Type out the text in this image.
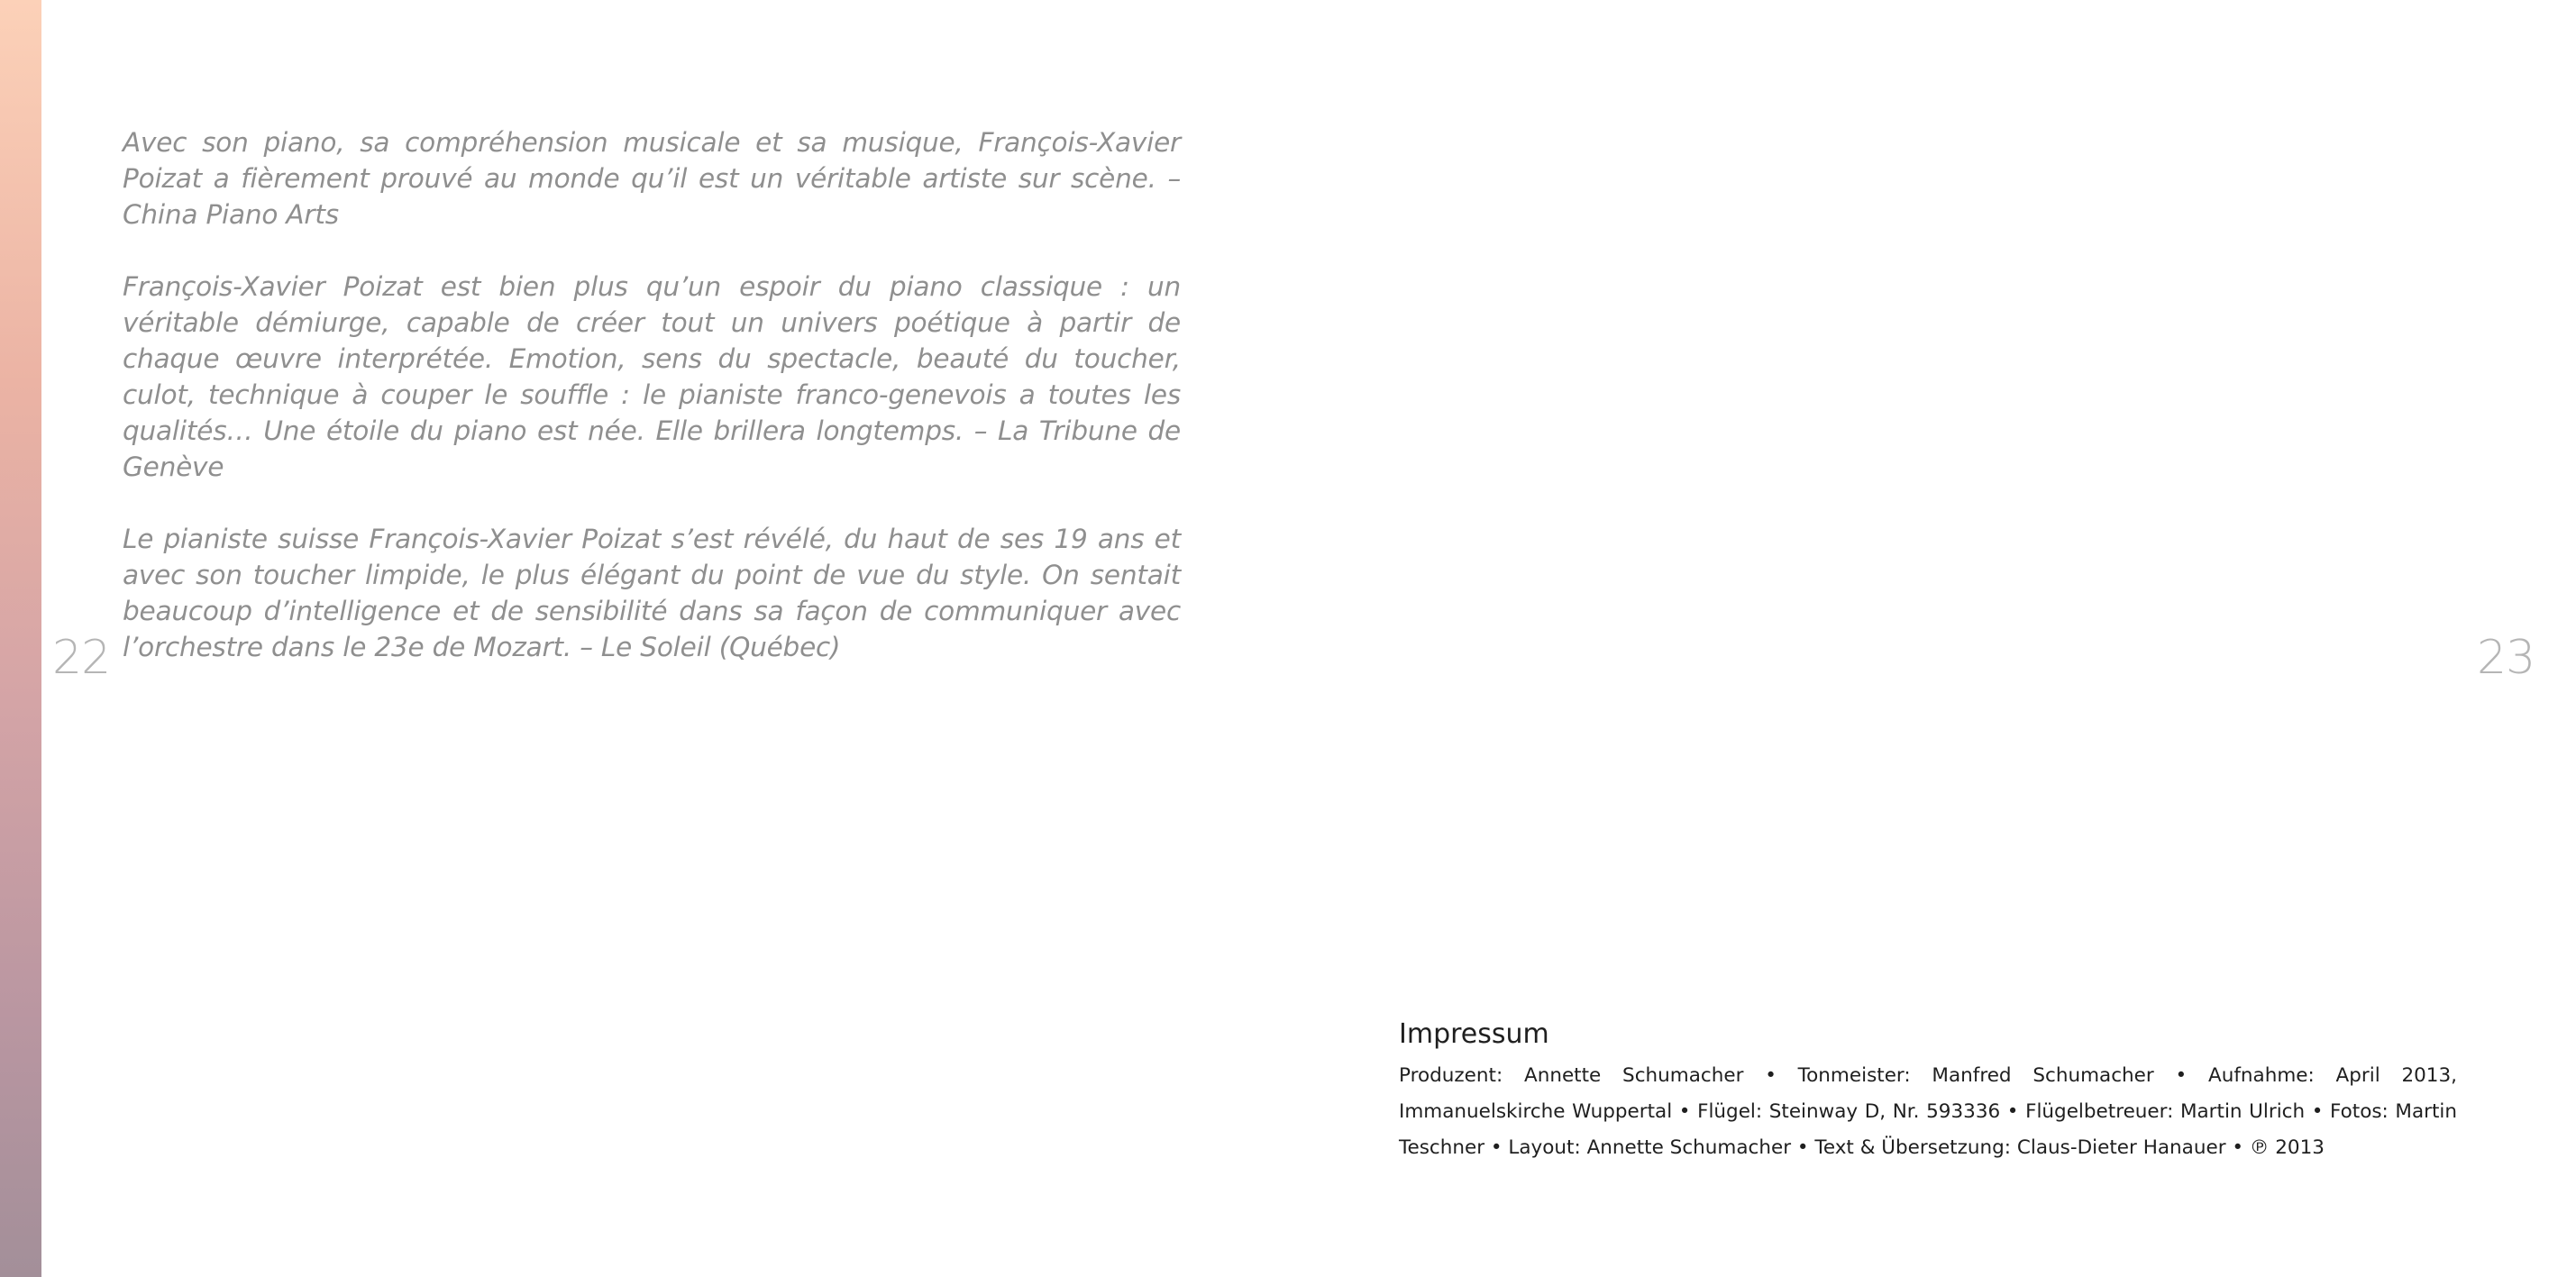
Avec son piano, sa compréhension musicale et sa musique, François-Xavier Poizat a fièrement prouvé au monde qu’il est un véritable artiste sur scène. – China Piano Arts

François-Xavier Poizat est bien plus qu’un espoir du piano classique : un véritable démiurge, capable de créer tout un univers poétique à partir de chaque œuvre interprétée. Emotion, sens du spectacle, beauté du toucher, culot, technique à couper le souffle : le pianiste franco-genevois a toutes les qualités… Une étoile du piano est née. Elle brillera longtemps. – La Tribune de Genève

Le pianiste suisse François-Xavier Poizat s’est révélé, du haut de ses 19 ans et avec son toucher limpide, le plus élégant du point de vue du style. On sentait beaucoup d’intelligence et de sensibilité dans sa façon de communiquer avec l’orchestre dans le 23e de Mozart. – Le Soleil (Québec)

22	23
Impressum

Produzent: Annette Schumacher • Tonmeister: Manfred Schumacher • Aufnahme: April 2013, Immanuelskirche Wuppertal • Flügel: Steinway D, Nr. 593336 • Flügelbetreuer: Martin Ulrich • Fotos: Martin Teschner • Layout: Annette Schumacher • Text & Übersetzung: Claus-Dieter Hanauer • ℗ 2013
